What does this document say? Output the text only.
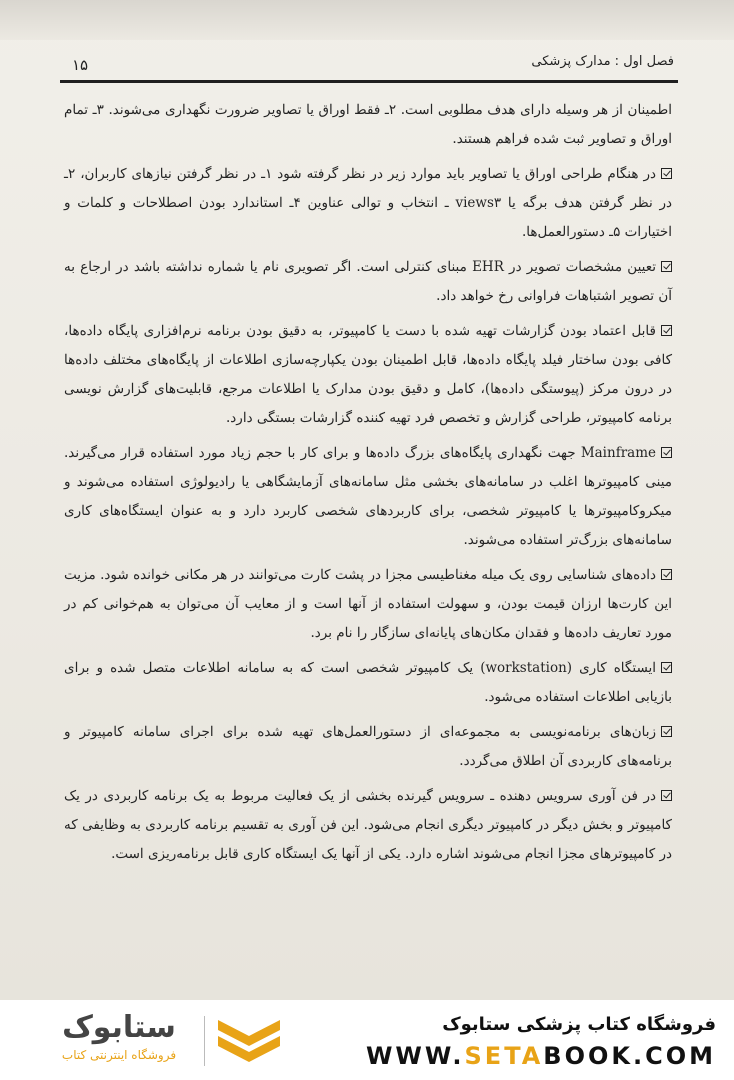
فصل اول : مدارک پزشکی
۱۵

اطمینان از هر وسیله دارای هدف مطلوبی است. ۲ـ فقط اوراق یا تصاویر ضرورت نگهداری می‌شوند. ۳ـ تمام اوراق و تصاویر ثبت شده فراهم هستند.

در هنگام طراحی اوراق یا تصاویر باید موارد زیر در نظر گرفته شود ۱ـ در نظر گرفتن نیازهای کاربران، ۲ـ در نظر گرفتن هدف برگه یا views۳ ـ انتخاب و توالی عناوین ۴ـ استاندارد بودن اصطلاحات و کلمات و اختیارات ۵ـ دستورالعمل‌ها.

تعیین مشخصات تصویر در EHR مبنای کنترلی است. اگر تصویری نام یا شماره نداشته باشد در ارجاع به آن تصویر اشتباهات فراوانی رخ خواهد داد.

قابل اعتماد بودن گزارشات تهیه شده با دست یا کامپیوتر، به دقیق بودن برنامه نرم‌افزاری پایگاه داده‌ها، کافی بودن ساختار فیلد پایگاه داده‌ها، قابل اطمینان بودن یکپارچه‌سازی اطلاعات از پایگاه‌های مختلف داده‌ها در درون مرکز (پیوستگی داده‌ها)، کامل و دقیق بودن مدارک یا اطلاعات مرجع، قابلیت‌های گزارش نویسی برنامه کامپیوتر، طراحی گزارش و تخصص فرد تهیه کننده گزارشات بستگی دارد.

Mainframe جهت نگهداری پایگاه‌های بزرگ داده‌ها و برای کار با حجم زیاد مورد استفاده قرار می‌گیرند. مینی کامپیوترها اغلب در سامانه‌های بخشی مثل سامانه‌های آزمایشگاهی یا رادیولوژی استفاده می‌شوند و میکروکامپیوترها یا کامپیوتر شخصی، برای کاربردهای شخصی کاربرد دارد و به عنوان ایستگاه‌های کاری سامانه‌های بزرگ‌تر استفاده می‌شوند.

داده‌های شناسایی روی یک میله مغناطیسی مجزا در پشت کارت می‌توانند در هر مکانی خوانده شود. مزیت این کارت‌ها ارزان قیمت بودن، و سهولت استفاده از آنها است و از معایب آن می‌توان به هم‌خوانی کم در مورد تعاریف داده‌ها و فقدان مکان‌های پایانه‌ای سازگار را نام برد.

ایستگاه کاری (workstation) یک کامپیوتر شخصی است که به سامانه اطلاعات متصل شده و برای بازیابی اطلاعات استفاده می‌شود.

زبان‌های برنامه‌نویسی به مجموعه‌ای از دستورالعمل‌های تهیه شده برای اجرای سامانه کامپیوتر و برنامه‌های کاربردی آن اطلاق می‌گردد.

در فن آوری سرویس دهنده ـ سرویس گیرنده بخشی از یک فعالیت مربوط به یک برنامه کاربردی در یک کامپیوتر و بخش دیگر در کامپیوتر دیگری انجام می‌شود. این فن آوری به تقسیم برنامه کاربردی به وظایفی که در کامپیوترهای مجزا انجام می‌شوند اشاره دارد. یکی از آنها یک ایستگاه کاری قابل برنامه‌ریزی است.

ستابوک
فروشگاه اینترنتی کتاب
فروشگاه کتاب پزشکی ستابوک
WWW.SETABOOK.COM
